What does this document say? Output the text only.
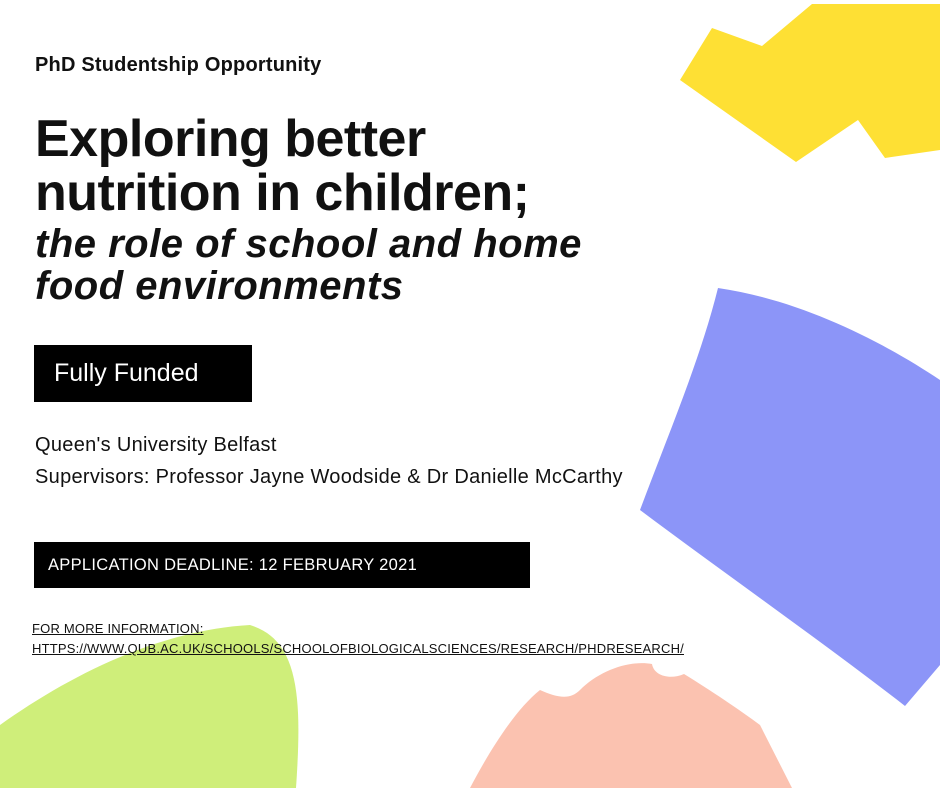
PhD Studentship Opportunity
Exploring better
nutrition in children;
the role of school and home
food environments
Fully Funded
Queen's University Belfast
Supervisors: Professor Jayne Woodside & Dr Danielle McCarthy
APPLICATION DEADLINE: 12 FEBRUARY 2021
FOR MORE INFORMATION:
HTTPS://WWW.QUB.AC.UK/SCHOOLS/SCHOOLOFBIOLOGICALSCIENCES/RESEARCH/PHDRESEARCH/
